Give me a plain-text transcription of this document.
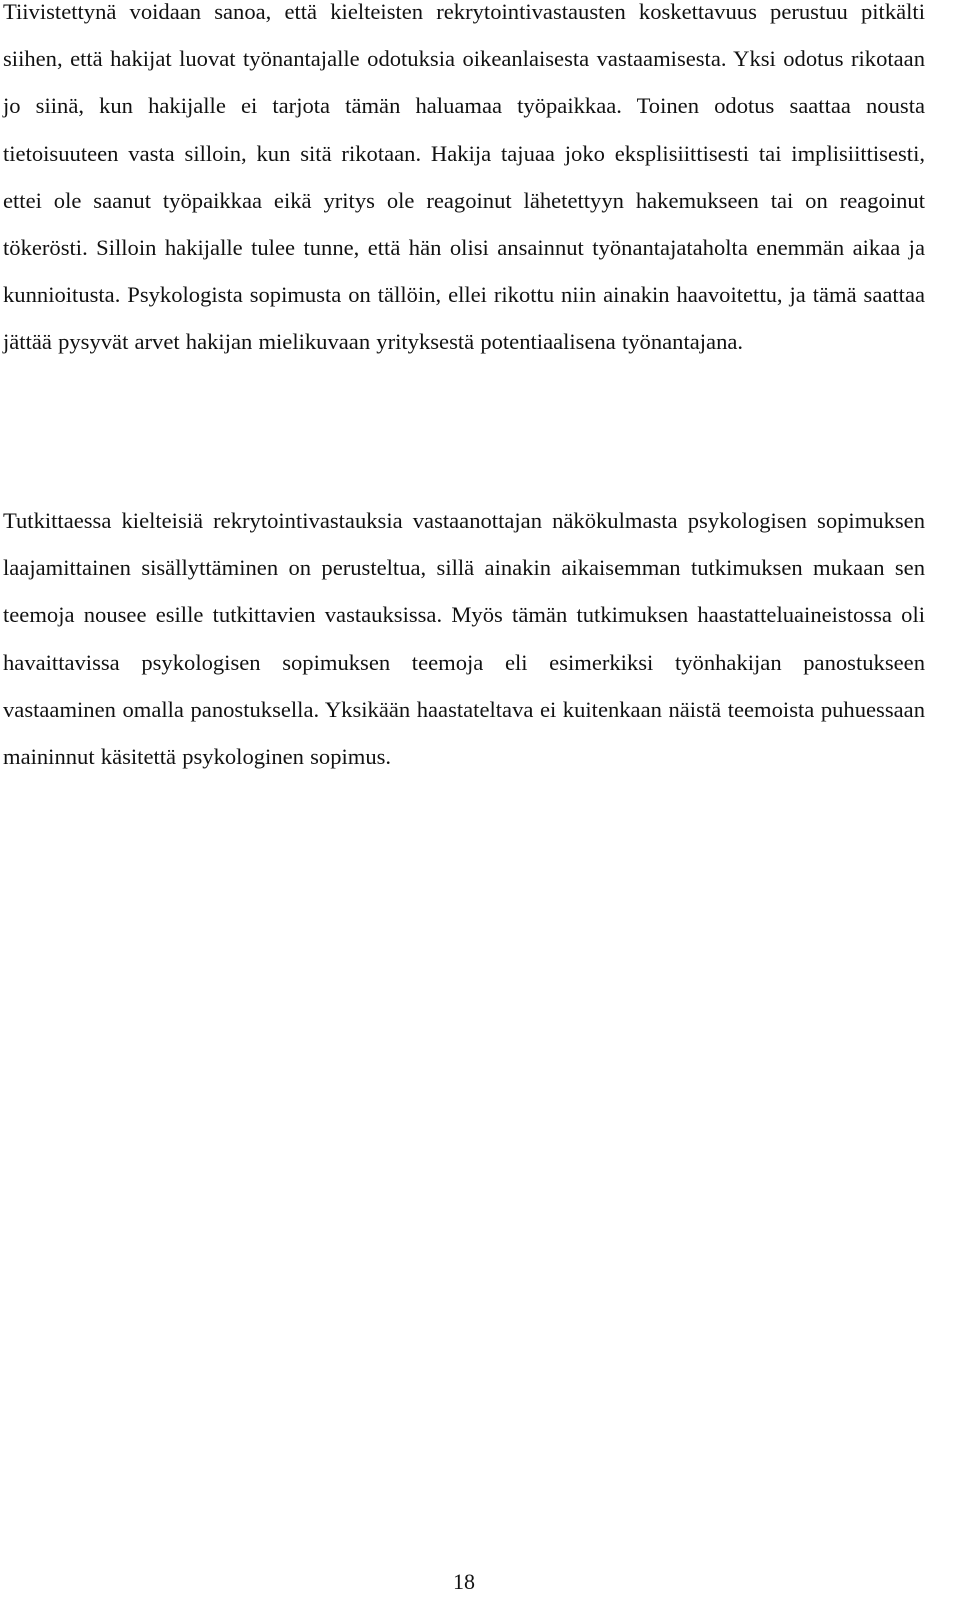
Tiivistettynä voidaan sanoa, että kielteisten rekrytointivastausten koskettavuus perustuu pitkälti siihen, että hakijat luovat työnantajalle odotuksia oikeanlaisesta vastaamisesta. Yksi odotus rikotaan jo siinä, kun hakijalle ei tarjota tämän haluamaa työpaikkaa. Toinen odotus saattaa nousta tietoisuuteen vasta silloin, kun sitä rikotaan. Hakija tajuaa joko eksplisiittisesti tai implisiittisesti, ettei ole saanut työpaikkaa eikä yritys ole reagoinut lähetettyyn hakemukseen tai on reagoinut tökerösti. Silloin hakijalle tulee tunne, että hän olisi ansainnut työnantajataholta enemmän aikaa ja kunnioitusta. Psykologista sopimusta on tällöin, ellei rikottu niin ainakin haavoitettu, ja tämä saattaa jättää pysyvät arvet hakijan mielikuvaan yrityksestä potentiaalisena työnantajana.

Tutkittaessa kielteisiä rekrytointivastauksia vastaanottajan näkökulmasta psykologisen sopimuksen laajamittainen sisällyttäminen on perusteltua, sillä ainakin aikaisemman tutkimuksen mukaan sen teemoja nousee esille tutkittavien vastauksissa. Myös tämän tutkimuksen haastatteluaineistossa oli havaittavissa psykologisen sopimuksen teemoja eli esimerkiksi työnhakijan panostukseen vastaaminen omalla panostuksella. Yksikään haastateltava ei kuitenkaan näistä teemoista puhuessaan maininnut käsitettä psykologinen sopimus.

18
